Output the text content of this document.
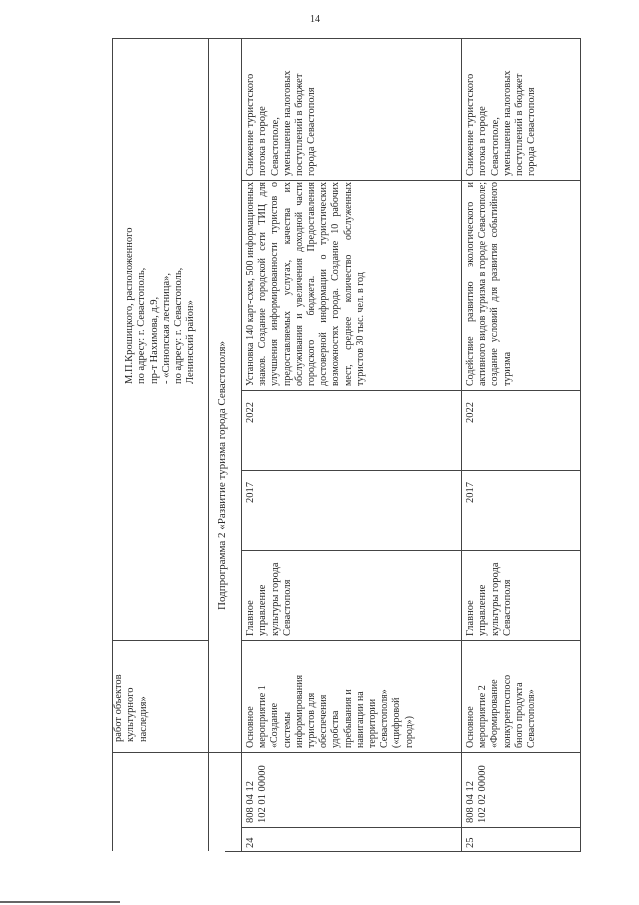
14
работ объектов
культурного
наследия»
М.П.Крошицкого, расположенного
по адресу: г. Севастополь,
пр-т Нахимова, д.9,
- «Синопская лестница»,
по адресу: г. Севастополь,
Ленинский район»
Подпрограмма 2 «Развитие туризма города Севастополя»
24
808 04 12
102 01 00000
Основное
мероприятие 1
«Создание
системы
информирования
туристов для
обеспечения
удобства
пребывания и
навигации на
территории
Севастополя»
(«цифровой
город»)
Главное
управление
культуры города
Севастополя
2017
2022
Установка 140 карт-схем, 500 информационных знаков. Создание городской сети ТИЦ для улучшения информированности туристов о предоставляемых услугах, качества их обслуживания и увеличения доходной части городского бюджета. Предоставления достоверной информации о туристических возможностях города. Создание 10 рабочих мест, среднее количество обслуженных туристов 30 тыс. чел. в год
Снижение туристского
потока в городе
Севастополе,
уменьшение налоговых
поступлений в бюджет
города Севастополя
25
808 04 12
102 02 00000
Основное
мероприятие 2
«Формирование
конкурентоспосо
бного продукта
Севастополя»
Главное
управление
культуры города
Севастополя
2017
2022
Содействие развитию экологического и активного видов туризма в городе Севастополе; создание условий для развития событийного туризма
Снижение туристского
потока в городе
Севастополе,
уменьшение налоговых
поступлений в бюджет
города Севастополя
